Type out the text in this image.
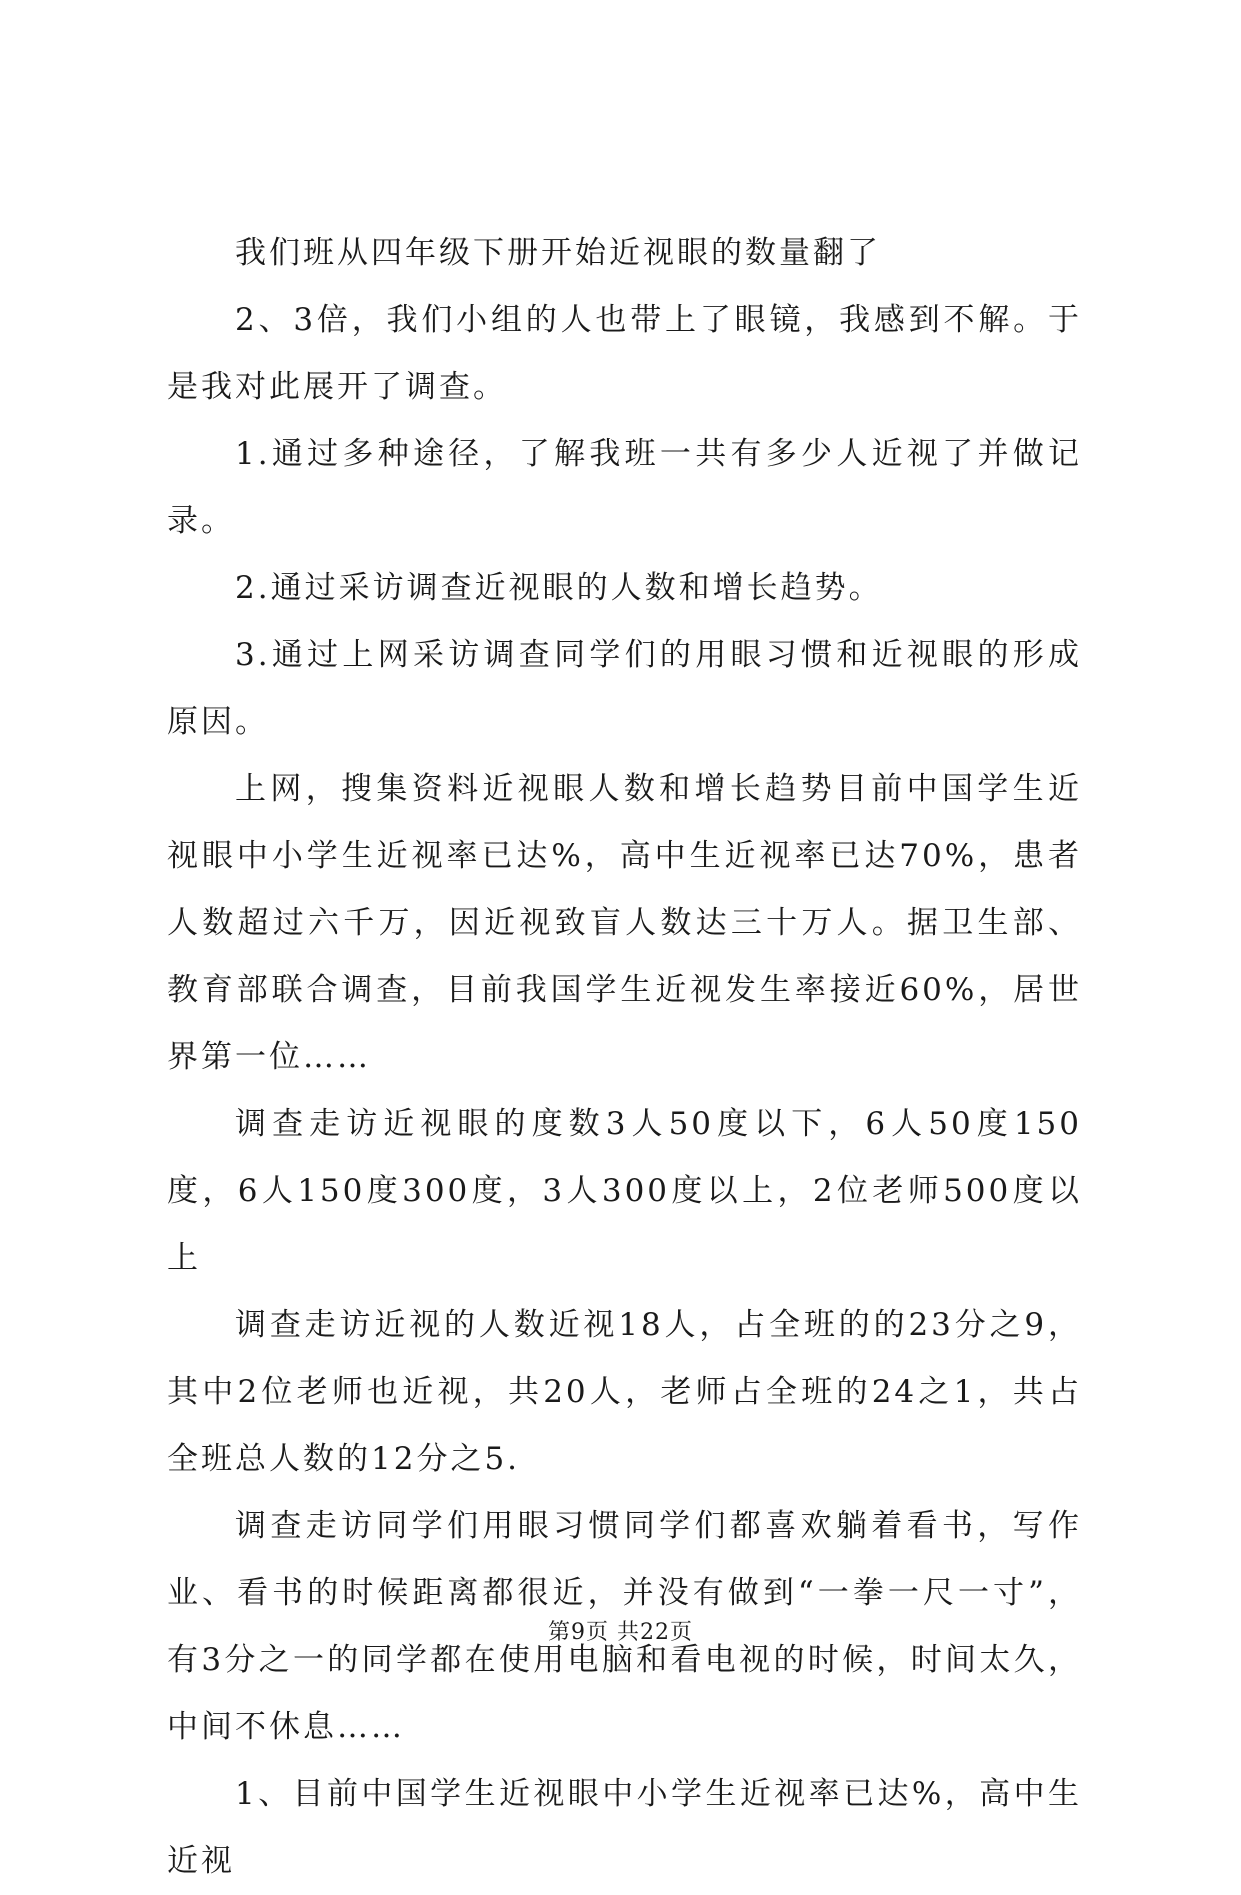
我们班从四年级下册开始近视眼的数量翻了

2、3倍，我们小组的人也带上了眼镜，我感到不解。于是我对此展开了调查。

1.通过多种途径，了解我班一共有多少人近视了并做记录。

2.通过采访调查近视眼的人数和增长趋势。

3.通过上网采访调查同学们的用眼习惯和近视眼的形成原因。

上网，搜集资料近视眼人数和增长趋势目前中国学生近视眼中小学生近视率已达%，高中生近视率已达70%，患者人数超过六千万，因近视致盲人数达三十万人。据卫生部、教育部联合调查，目前我国学生近视发生率接近60%，居世界第一位……

调查走访近视眼的度数3人50度以下，6人50度150度，6人150度300度，3人300度以上，2位老师500度以上

调查走访近视的人数近视18人，占全班的的23分之9，其中2位老师也近视，共20人，老师占全班的24之1，共占全班总人数的12分之5.

调查走访同学们用眼习惯同学们都喜欢躺着看书，写作业、看书的时候距离都很近，并没有做到“一拳一尺一寸”，有3分之一的同学都在使用电脑和看电视的时候，时间太久，中间不休息……

1、目前中国学生近视眼中小学生近视率已达%，高中生近视

第9页 共22页
